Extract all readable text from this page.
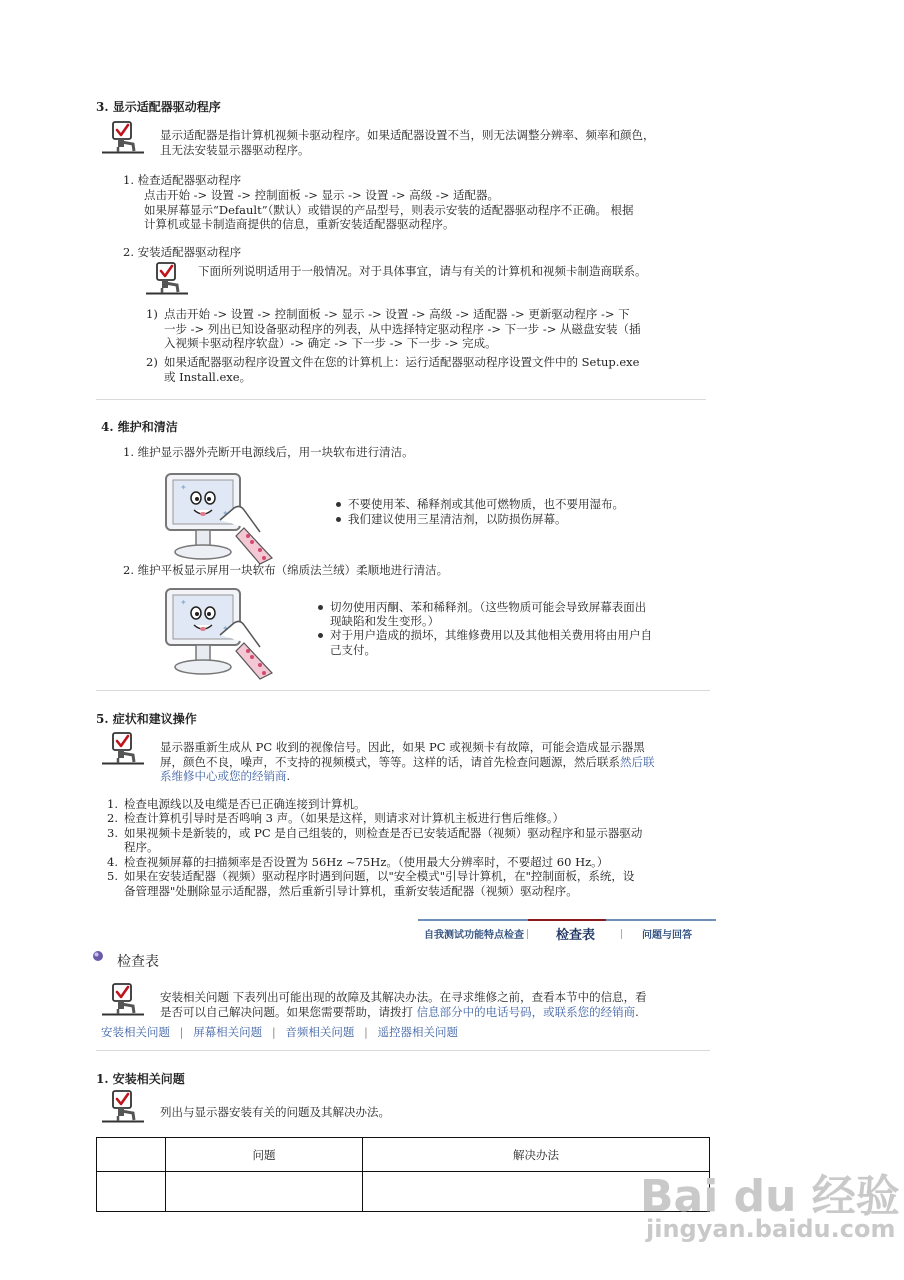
3. 显示适配器驱动程序
显示适配器是指计算机视频卡驱动程序。如果适配器设置不当，则无法调整分辨率、频率和颜色，
且无法安装显示器驱动程序。
1. 检查适配器驱动程序
点击开始 -> 设置 -> 控制面板 -> 显示 -> 设置 -> 高级 -> 适配器。
如果屏幕显示“Default”（默认）或错误的产品型号，则表示安装的适配器驱动程序不正确。 根据
计算机或显卡制造商提供的信息，重新安装适配器驱动程序。
2. 安装适配器驱动程序
下面所列说明适用于一般情况。对于具体事宜，请与有关的计算机和视频卡制造商联系。
1) 点击开始 -> 设置 -> 控制面板 -> 显示 -> 设置 -> 高级 -> 适配器 -> 更新驱动程序 -> 下
一步 -> 列出已知设备驱动程序的列表，从中选择特定驱动程序 -> 下一步 -> 从磁盘安装（插
入视频卡驱动程序软盘）-> 确定 -> 下一步 -> 下一步 -> 完成。
2) 如果适配器驱动程序设置文件在您的计算机上：运行适配器驱动程序设置文件中的 Setup.exe
或 Install.exe。
4. 维护和清洁
1. 维护显示器外壳断开电源线后，用一块软布进行清洁。
不要使用苯、稀释剂或其他可燃物质，也不要用湿布。
我们建议使用三星清洁剂，以防损伤屏幕。
2. 维护平板显示屏用一块软布（绵质法兰绒）柔顺地进行清洁。
切勿使用丙酮、苯和稀释剂。（这些物质可能会导致屏幕表面出
现缺陷和发生变形。）
对于用户造成的损坏，其维修费用以及其他相关费用将由用户自
己支付。
5. 症状和建议操作
显示器重新生成从 PC 收到的视像信号。因此，如果 PC 或视频卡有故障，可能会造成显示器黑
屏，颜色不良，噪声，不支持的视频模式，等等。这样的话，请首先检查问题源，然后联系然后联
系维修中心或您的经销商.
1. 检查电源线以及电缆是否已正确连接到计算机。
2. 检查计算机引导时是否鸣响 3 声。（如果是这样，则请求对计算机主板进行售后维修。）
3. 如果视频卡是新装的，或 PC 是自己组装的，则检查是否已安装适配器（视频）驱动程序和显示器驱动
程序。
4. 检查视频屏幕的扫描频率是否设置为 56Hz ~75Hz。（使用最大分辨率时，不要超过 60 Hz。）
5. 如果在安装适配器（视频）驱动程序时遇到问题，以"安全模式"引导计算机，在"控制面板，系统，设
备管理器"处删除显示适配器，然后重新引导计算机，重新安装适配器（视频）驱动程序。
自我测试功能特点检查 检查表	问题与回答
检查表
安装相关问题 下表列出可能出现的故障及其解决办法。在寻求维修之前，查看本节中的信息，看
是否可以自己解决问题。如果您需要帮助，请拨打 信息部分中的电话号码，或联系您的经销商.
安装相关问题 | 屏幕相关问题 | 音频相关问题 | 遥控器相关问题
1. 安装相关问题
列出与显示器安装有关的问题及其解决办法。
	问题	解决办法

Bai du 经验
jingyan.baidu.com
